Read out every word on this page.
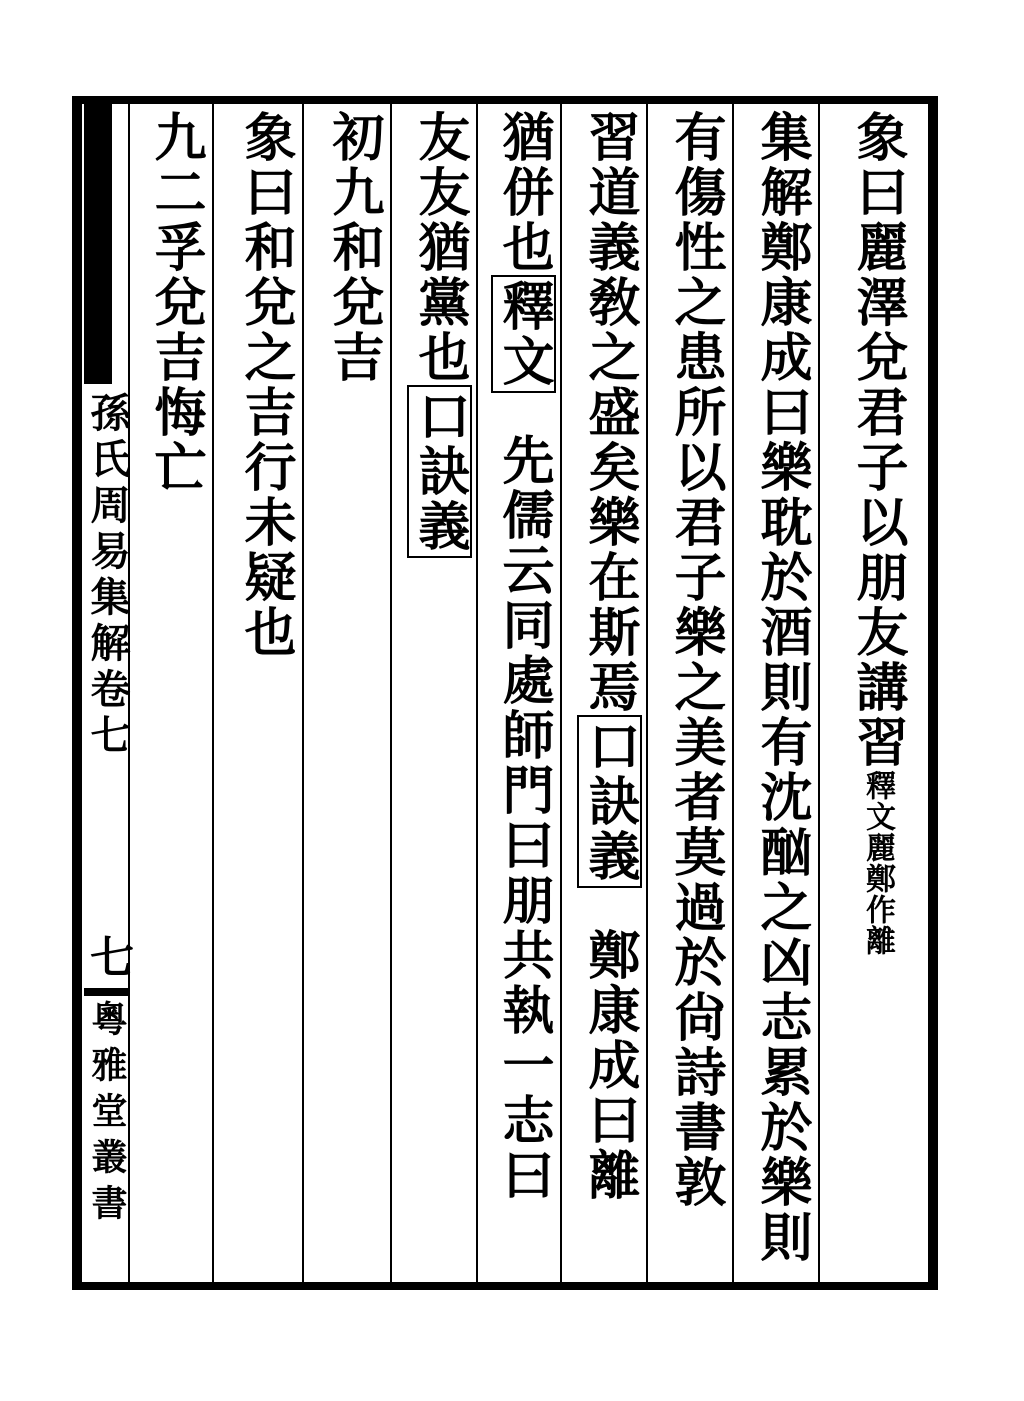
孫氏周易集解卷七
七
粵雅堂叢書
象曰麗澤兌君子以朋友講習釋文麗鄭作離
集解鄭康成曰樂耽於酒則有沈酗之凶志累於樂則
有傷性之患所以君子樂之美者莫過於尙詩書敦
習道義敎之盛矣樂在斯焉口訣義鄭康成曰離
猶併也釋文先儒云同處師門曰朋共執一志曰
友友猶黨也口訣義
初九和兌吉
象曰和兌之吉行未疑也
九二孚兌吉悔亡
